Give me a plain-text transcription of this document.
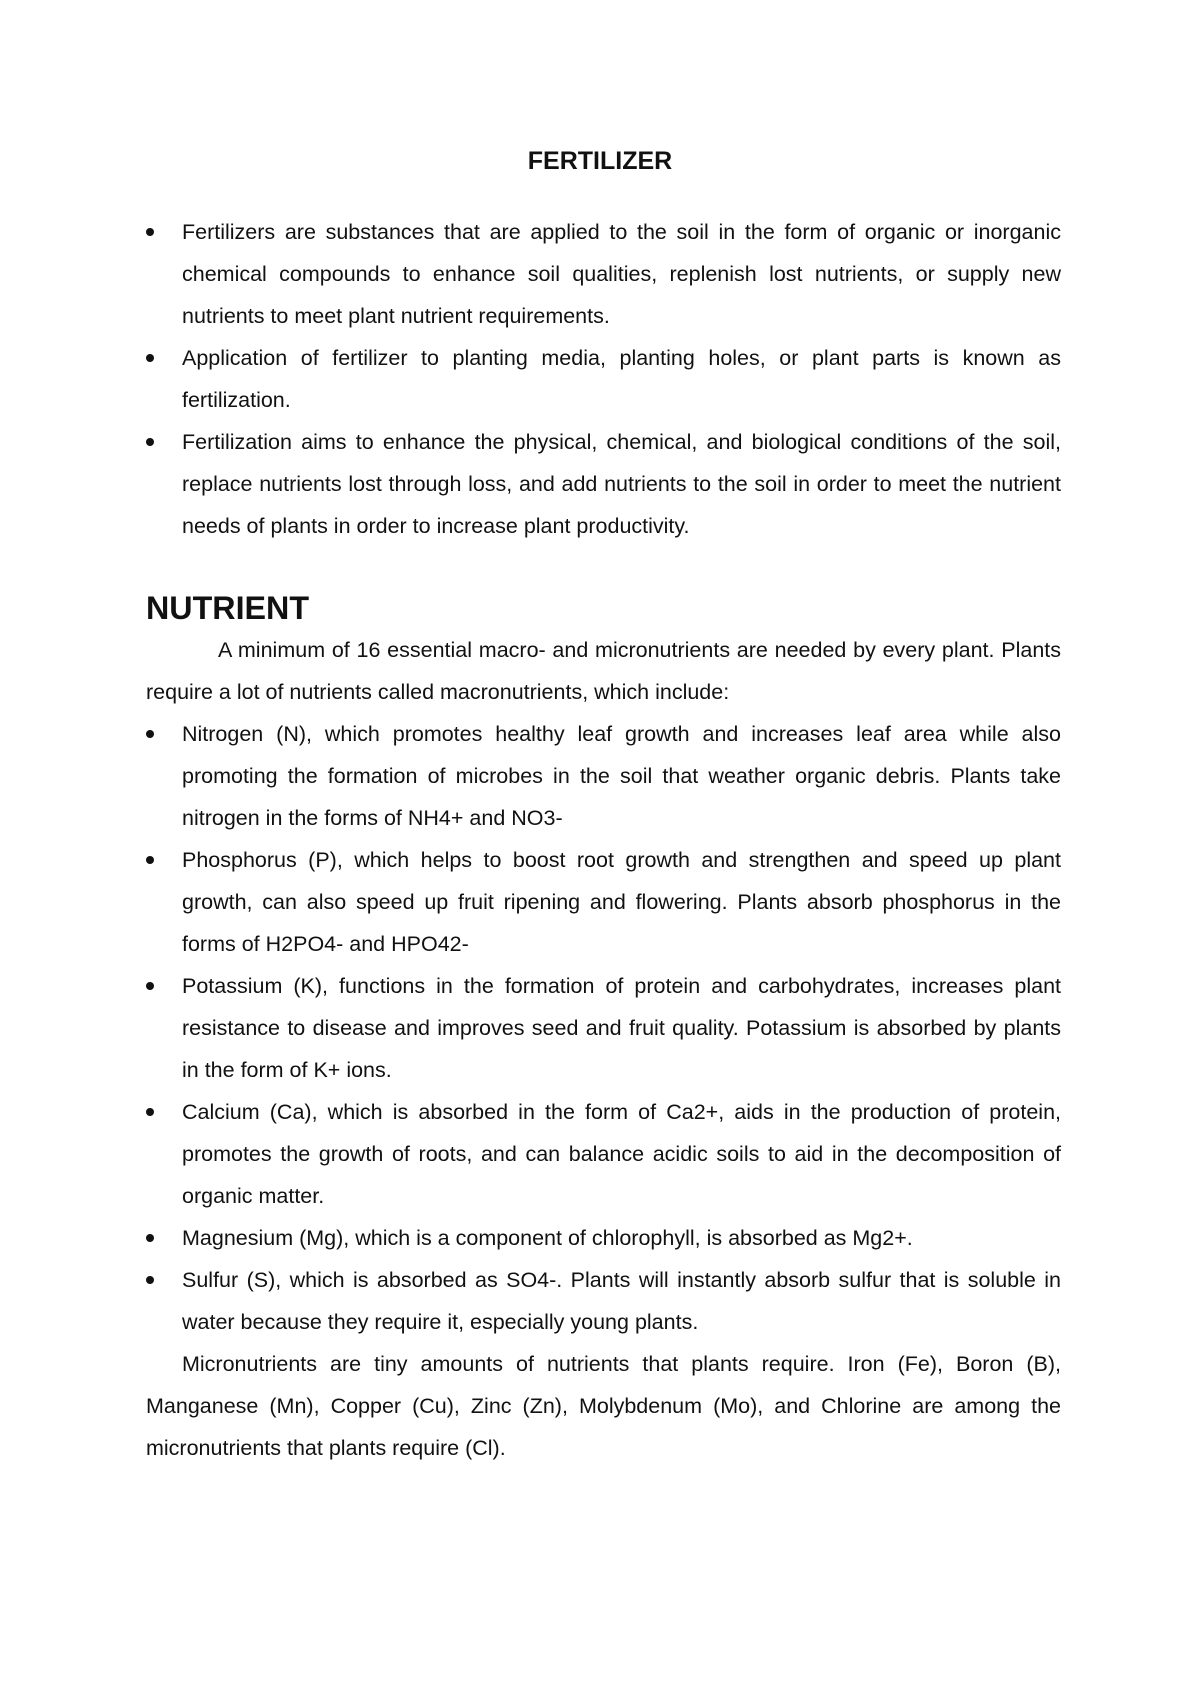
FERTILIZER
Fertilizers are substances that are applied to the soil in the form of organic or inorganic chemical compounds to enhance soil qualities, replenish lost nutrients, or supply new nutrients to meet plant nutrient requirements.
Application of fertilizer to planting media, planting holes, or plant parts is known as fertilization.
Fertilization aims to enhance the physical, chemical, and biological conditions of the soil, replace nutrients lost through loss, and add nutrients to the soil in order to meet the nutrient needs of plants in order to increase plant productivity.
NUTRIENT

A minimum of 16 essential macro- and micronutrients are needed by every plant. Plants require a lot of nutrients called macronutrients, which include:

Nitrogen (N), which promotes healthy leaf growth and increases leaf area while also promoting the formation of microbes in the soil that weather organic debris. Plants take nitrogen in the forms of NH4+ and NO3-
Phosphorus (P), which helps to boost root growth and strengthen and speed up plant growth, can also speed up fruit ripening and flowering. Plants absorb phosphorus in the forms of H2PO4- and HPO42-
Potassium (K), functions in the formation of protein and carbohydrates, increases plant resistance to disease and improves seed and fruit quality. Potassium is absorbed by plants in the form of K+ ions.
Calcium (Ca), which is absorbed in the form of Ca2+, aids in the production of protein, promotes the growth of roots, and can balance acidic soils to aid in the decomposition of organic matter.
Magnesium (Mg), which is a component of chlorophyll, is absorbed as Mg2+.
Sulfur (S), which is absorbed as SO4-. Plants will instantly absorb sulfur that is soluble in water because they require it, especially young plants.

Micronutrients are tiny amounts of nutrients that plants require. Iron (Fe), Boron (B), Manganese (Mn), Copper (Cu), Zinc (Zn), Molybdenum (Mo), and Chlorine are among the micronutrients that plants require (Cl).
